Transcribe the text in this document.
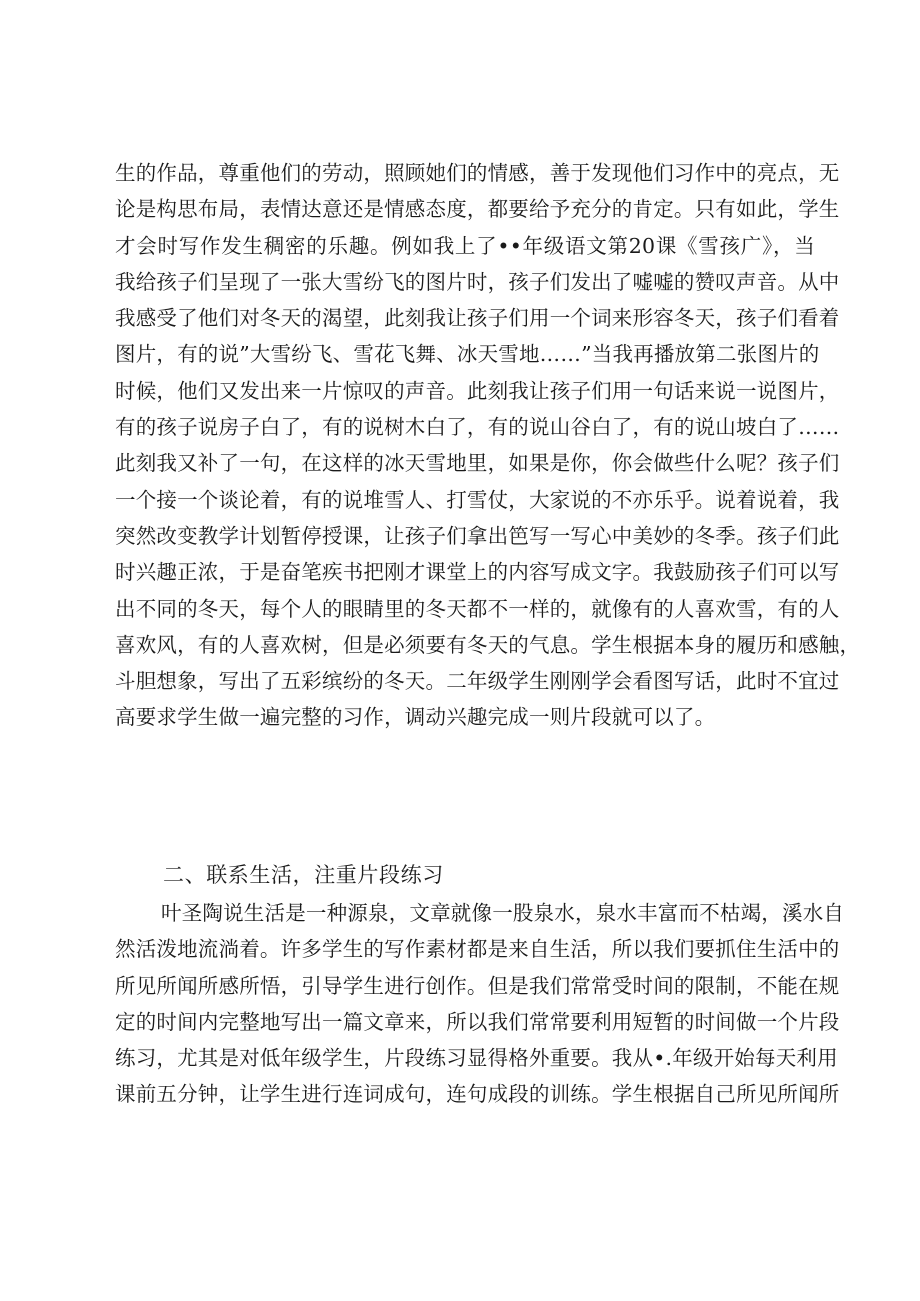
生的作品，尊重他们的劳动，照顾她们的情感，善于发现他们习作中的亮点，无
论是构思布局，表情达意还是情感态度，都要给予充分的肯定。只有如此，学生
才会时写作发生稠密的乐趣。例如我上了••年级语文第20课《雪孩广》，当
我给孩子们呈现了一张大雪纷飞的图片时，孩子们发出了嘘嘘的赞叹声音。从中
我感受了他们对冬天的渴望，此刻我让孩子们用一个词来形容冬天，孩子们看着
图片，有的说”大雪纷飞、雪花飞舞、冰天雪地……”当我再播放第二张图片的
时候，他们又发出来一片惊叹的声音。此刻我让孩子们用一句话来说一说图片，
有的孩子说房子白了，有的说树木白了，有的说山谷白了，有的说山坡白了……
此刻我又补了一句，在这样的冰天雪地里，如果是你，你会做些什么呢？孩子们
一个接一个谈论着，有的说堆雪人、打雪仗，大家说的不亦乐乎。说着说着，我
突然改变教学计划暂停授课，让孩子们拿出笆写一写心中美妙的冬季。孩子们此
时兴趣正浓，于是奋笔疾书把刚才课堂上的内容写成文字。我鼓励孩子们可以写
出不同的冬天，每个人的眼睛里的冬天都不一样的，就像有的人喜欢雪，有的人
喜欢风，有的人喜欢树，但是必须要有冬天的气息。学生根据本身的履历和感触，
斗胆想象，写出了五彩缤纷的冬天。二年级学生刚刚学会看图写话，此时不宜过
高要求学生做一遍完整的习作，调动兴趣完成一则片段就可以了。
二、联系生活，注重片段练习
叶圣陶说生活是一种源泉，文章就像一股泉水，泉水丰富而不枯竭，溪水自
然活泼地流淌着。许多学生的写作素材都是来自生活，所以我们要抓住生活中的
所见所闻所感所悟，引导学生进行创作。但是我们常常受时间的限制，不能在规
定的时间内完整地写出一篇文章来，所以我们常常要利用短暂的时间做一个片段
练习，尤其是对低年级学生，片段练习显得格外重要。我从•.年级开始每天利用
课前五分钟，让学生进行连词成句，连句成段的训练。学生根据自己所见所闻所
